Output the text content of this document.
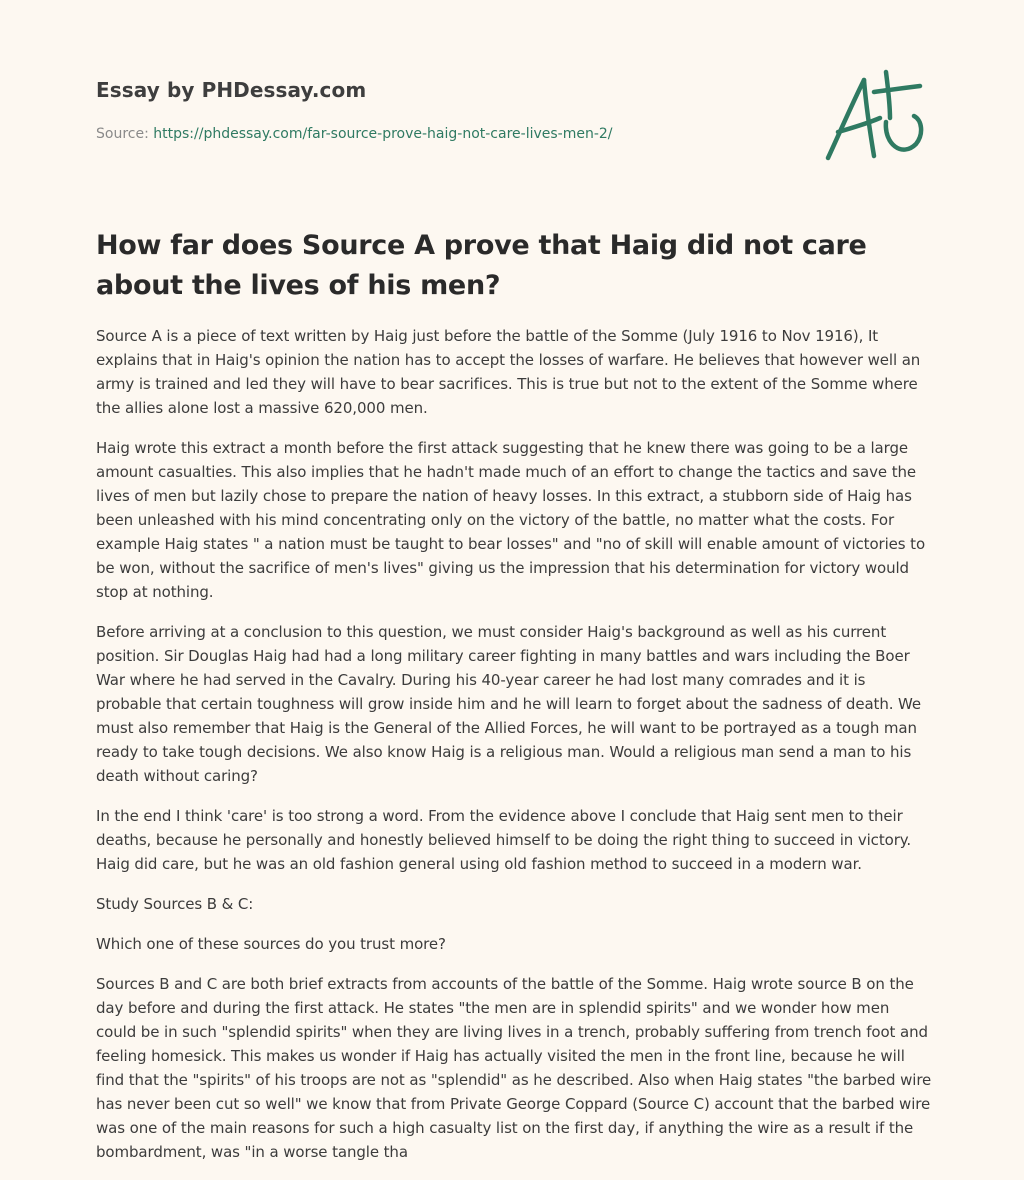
Essay by PHDessay.com

Source: https://phdessay.com/far-source-prove-haig-not-care-lives-men-2/
How far does Source A prove that Haig did not care about the lives of his men?

Source A is a piece of text written by Haig just before the battle of the Somme (July 1916 to Nov 1916), It explains that in Haig's opinion the nation has to accept the losses of warfare. He believes that however well an army is trained and led they will have to bear sacrifices. This is true but not to the extent of the Somme where the allies alone lost a massive 620,000 men.

Haig wrote this extract a month before the first attack suggesting that he knew there was going to be a large amount casualties. This also implies that he hadn't made much of an effort to change the tactics and save the lives of men but lazily chose to prepare the nation of heavy losses. In this extract, a stubborn side of Haig has been unleashed with his mind concentrating only on the victory of the battle, no matter what the costs. For example Haig states " a nation must be taught to bear losses" and "no of skill will enable amount of victories to be won, without the sacrifice of men's lives" giving us the impression that his determination for victory would stop at nothing.

Before arriving at a conclusion to this question, we must consider Haig's background as well as his current position. Sir Douglas Haig had had a long military career fighting in many battles and wars including the Boer War where he had served in the Cavalry. During his 40-year career he had lost many comrades and it is probable that certain toughness will grow inside him and he will learn to forget about the sadness of death. We must also remember that Haig is the General of the Allied Forces, he will want to be portrayed as a tough man ready to take tough decisions. We also know Haig is a religious man. Would a religious man send a man to his death without caring?

In the end I think 'care' is too strong a word. From the evidence above I conclude that Haig sent men to their deaths, because he personally and honestly believed himself to be doing the right thing to succeed in victory. Haig did care, but he was an old fashion general using old fashion method to succeed in a modern war.

Study Sources B & C:

Which one of these sources do you trust more?

Sources B and C are both brief extracts from accounts of the battle of the Somme. Haig wrote source B on the day before and during the first attack. He states "the men are in splendid spirits" and we wonder how men could be in such "splendid spirits" when they are living lives in a trench, probably suffering from trench foot and feeling homesick. This makes us wonder if Haig has actually visited the men in the front line, because he will find that the "spirits" of his troops are not as "splendid" as he described. Also when Haig states "the barbed wire has never been cut so well" we know that from Private George Coppard (Source C) account that the barbed wire was one of the main reasons for such a high casualty list on the first day, if anything the wire as a result if the bombardment, was "in a worse tangle tha
